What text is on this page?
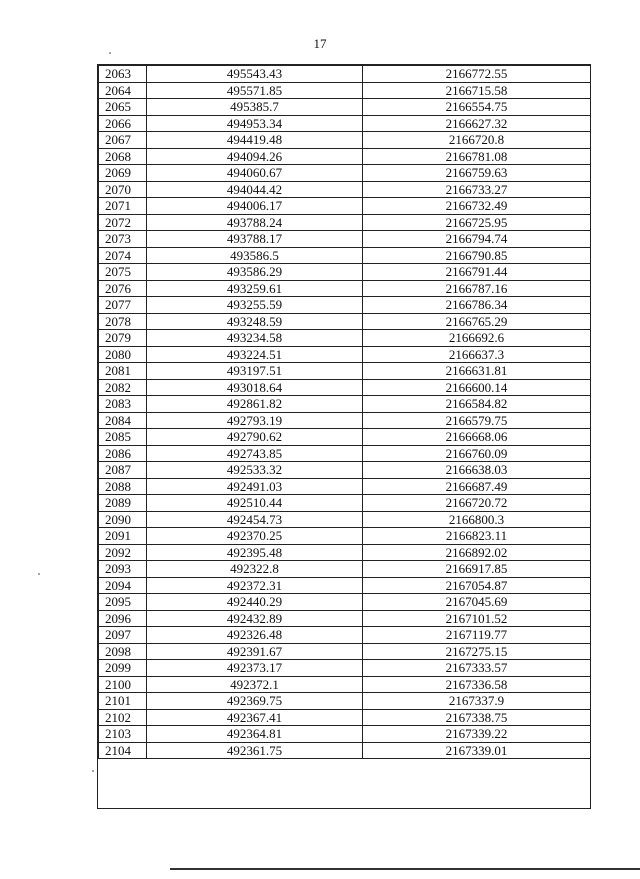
17
2063	495543.43	2166772.55
2064	495571.85	2166715.58
2065	495385.7	2166554.75
2066	494953.34	2166627.32
2067	494419.48	2166720.8
2068	494094.26	2166781.08
2069	494060.67	2166759.63
2070	494044.42	2166733.27
2071	494006.17	2166732.49
2072	493788.24	2166725.95
2073	493788.17	2166794.74
2074	493586.5	2166790.85
2075	493586.29	2166791.44
2076	493259.61	2166787.16
2077	493255.59	2166786.34
2078	493248.59	2166765.29
2079	493234.58	2166692.6
2080	493224.51	2166637.3
2081	493197.51	2166631.81
2082	493018.64	2166600.14
2083	492861.82	2166584.82
2084	492793.19	2166579.75
2085	492790.62	2166668.06
2086	492743.85	2166760.09
2087	492533.32	2166638.03
2088	492491.03	2166687.49
2089	492510.44	2166720.72
2090	492454.73	2166800.3
2091	492370.25	2166823.11
2092	492395.48	2166892.02
2093	492322.8	2166917.85
2094	492372.31	2167054.87
2095	492440.29	2167045.69
2096	492432.89	2167101.52
2097	492326.48	2167119.77
2098	492391.67	2167275.15
2099	492373.17	2167333.57
2100	492372.1	2167336.58
2101	492369.75	2167337.9
2102	492367.41	2167338.75
2103	492364.81	2167339.22
2104	492361.75	2167339.01
